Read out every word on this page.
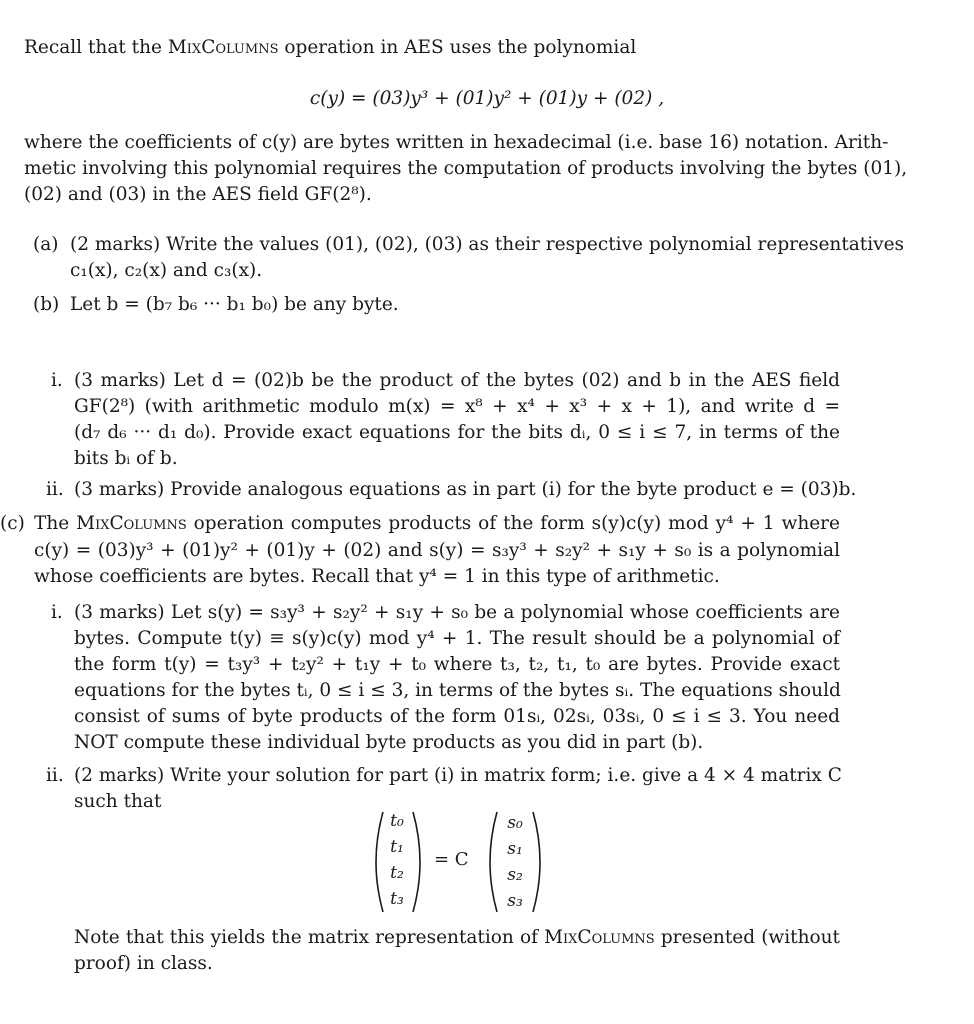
Recall that the MixColumns operation in AES uses the polynomial
c(y) = (03)y³ + (01)y² + (01)y + (02) ,
where the coefficients of c(y) are bytes written in hexadecimal (i.e. base 16) notation. Arith-
metic involving this polynomial requires the computation of products involving the bytes (01),
(02) and (03) in the AES field GF(2⁸).
(a) (2 marks) Write the values (01), (02), (03) as their respective polynomial representatives
c₁(x), c₂(x) and c₃(x).
(b) Let b = (b₇ b₆ ··· b₁ b₀) be any byte.
i. (3 marks) Let d = (02)b be the product of the bytes (02) and b in the AES field
GF(2⁸) (with arithmetic modulo m(x) = x⁸ + x⁴ + x³ + x + 1), and write d =
(d₇ d₆ ··· d₁ d₀). Provide exact equations for the bits dᵢ, 0 ≤ i ≤ 7, in terms of the
bits bᵢ of b.
ii. (3 marks) Provide analogous equations as in part (i) for the byte product e = (03)b.
(c) The MixColumns operation computes products of the form s(y)c(y) mod y⁴ + 1 where
c(y) = (03)y³ + (01)y² + (01)y + (02) and s(y) = s₃y³ + s₂y² + s₁y + s₀ is a polynomial
whose coefficients are bytes. Recall that y⁴ = 1 in this type of arithmetic.
i. (3 marks) Let s(y) = s₃y³ + s₂y² + s₁y + s₀ be a polynomial whose coefficients are
bytes. Compute t(y) ≡ s(y)c(y) mod y⁴ + 1. The result should be a polynomial of
the form t(y) = t₃y³ + t₂y² + t₁y + t₀ where t₃, t₂, t₁, t₀ are bytes. Provide exact
equations for the bytes tᵢ, 0 ≤ i ≤ 3, in terms of the bytes sᵢ. The equations should
consist of sums of byte products of the form 01sᵢ, 02sᵢ, 03sᵢ, 0 ≤ i ≤ 3. You need
NOT compute these individual byte products as you did in part (b).
ii. (2 marks) Write your solution for part (i) in matrix form; i.e. give a 4 × 4 matrix C
such that
t₀
t₁
t₂
t₃
= C
s₀
s₁
s₂
s₃
Note that this yields the matrix representation of MixColumns presented (without
proof) in class.
